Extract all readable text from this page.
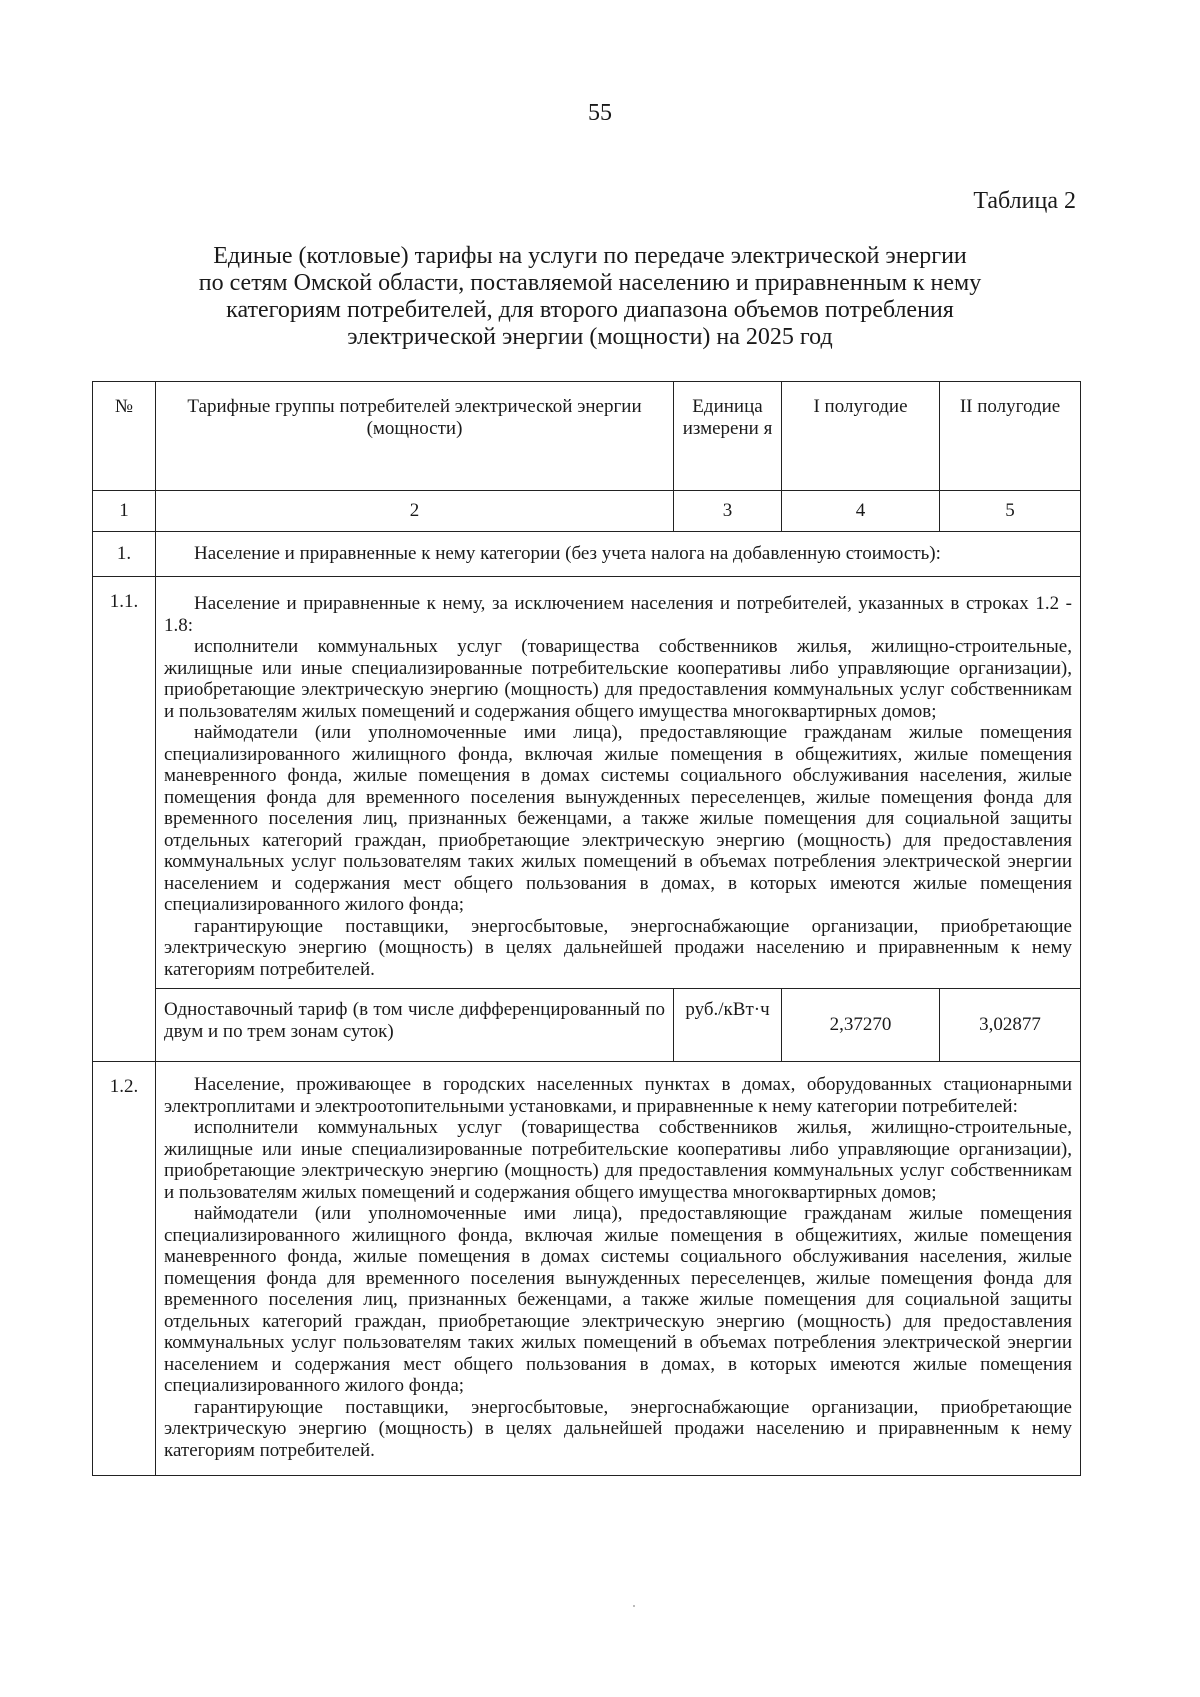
55
Таблица 2
Единые (котловые) тарифы на услуги по передаче электрической энергии
по сетям Омской области, поставляемой населению и приравненным к нему
категориям потребителей, для второго диапазона объемов потребления
электрической энергии (мощности) на 2025 год
№	Тарифные группы потребителей электрической энергии (мощности)	Единица измерени я	I полугодие	II полугодие
1	2	3	4	5
1.	Население и приравненные к нему категории (без учета налога на добавленную стоимость):			
1.1.	Население и приравненные к нему, за исключением населения и потребителей, указанных в строках 1.2 - 1.8:

исполнители коммунальных услуг (товарищества собственников жилья, жилищно-строительные, жилищные или иные специализированные потребительские кооперативы либо управляющие организации), приобретающие электрическую энергию (мощность) для предоставления коммунальных услуг собственникам и пользователям жилых помещений и содержания общего имущества многоквартирных домов;

наймодатели (или уполномоченные ими лица), предоставляющие гражданам жилые помещения специализированного жилищного фонда, включая жилые помещения в общежитиях, жилые помещения маневренного фонда, жилые помещения в домах системы социального обслуживания населения, жилые помещения фонда для временного поселения вынужденных переселенцев, жилые помещения фонда для временного поселения лиц, признанных беженцами, а также жилые помещения для социальной защиты отдельных категорий граждан, приобретающие электрическую энергию (мощность) для предоставления коммунальных услуг пользователям таких жилых помещений в объемах потребления электрической энергии населением и содержания мест общего пользования в домах, в которых имеются жилые помещения специализированного жилого фонда;

гарантирующие поставщики, энергосбытовые, энергоснабжающие организации, приобретающие электрическую энергию (мощность) в целях дальнейшей продажи населению и приравненным к нему категориям потребителей.			

	Одноставочный тариф (в том числе дифференцированный по двум и по трем зонам суток)	руб./кВт·ч	2,37270	3,02877
1.2.	Население, проживающее в городских населенных пунктах в домах, оборудованных стационарными электроплитами и электроотопительными установками, и приравненные к нему категории потребителей:

исполнители коммунальных услуг (товарищества собственников жилья, жилищно-строительные, жилищные или иные специализированные потребительские кооперативы либо управляющие организации), приобретающие электрическую энергию (мощность) для предоставления коммунальных услуг собственникам и пользователям жилых помещений и содержания общего имущества многоквартирных домов;

наймодатели (или уполномоченные ими лица), предоставляющие гражданам жилые помещения специализированного жилищного фонда, включая жилые помещения в общежитиях, жилые помещения маневренного фонда, жилые помещения в домах системы социального обслуживания населения, жилые помещения фонда для временного поселения вынужденных переселенцев, жилые помещения фонда для временного поселения лиц, признанных беженцами, а также жилые помещения для социальной защиты отдельных категорий граждан, приобретающие электрическую энергию (мощность) для предоставления коммунальных услуг пользователям таких жилых помещений в объемах потребления электрической энергии населением и содержания мест общего пользования в домах, в которых имеются жилые помещения специализированного жилого фонда;

гарантирующие поставщики, энергосбытовые, энергоснабжающие организации, приобретающие электрическую энергию (мощность) в целях дальнейшей продажи населению и приравненным к нему категориям потребителей.			
